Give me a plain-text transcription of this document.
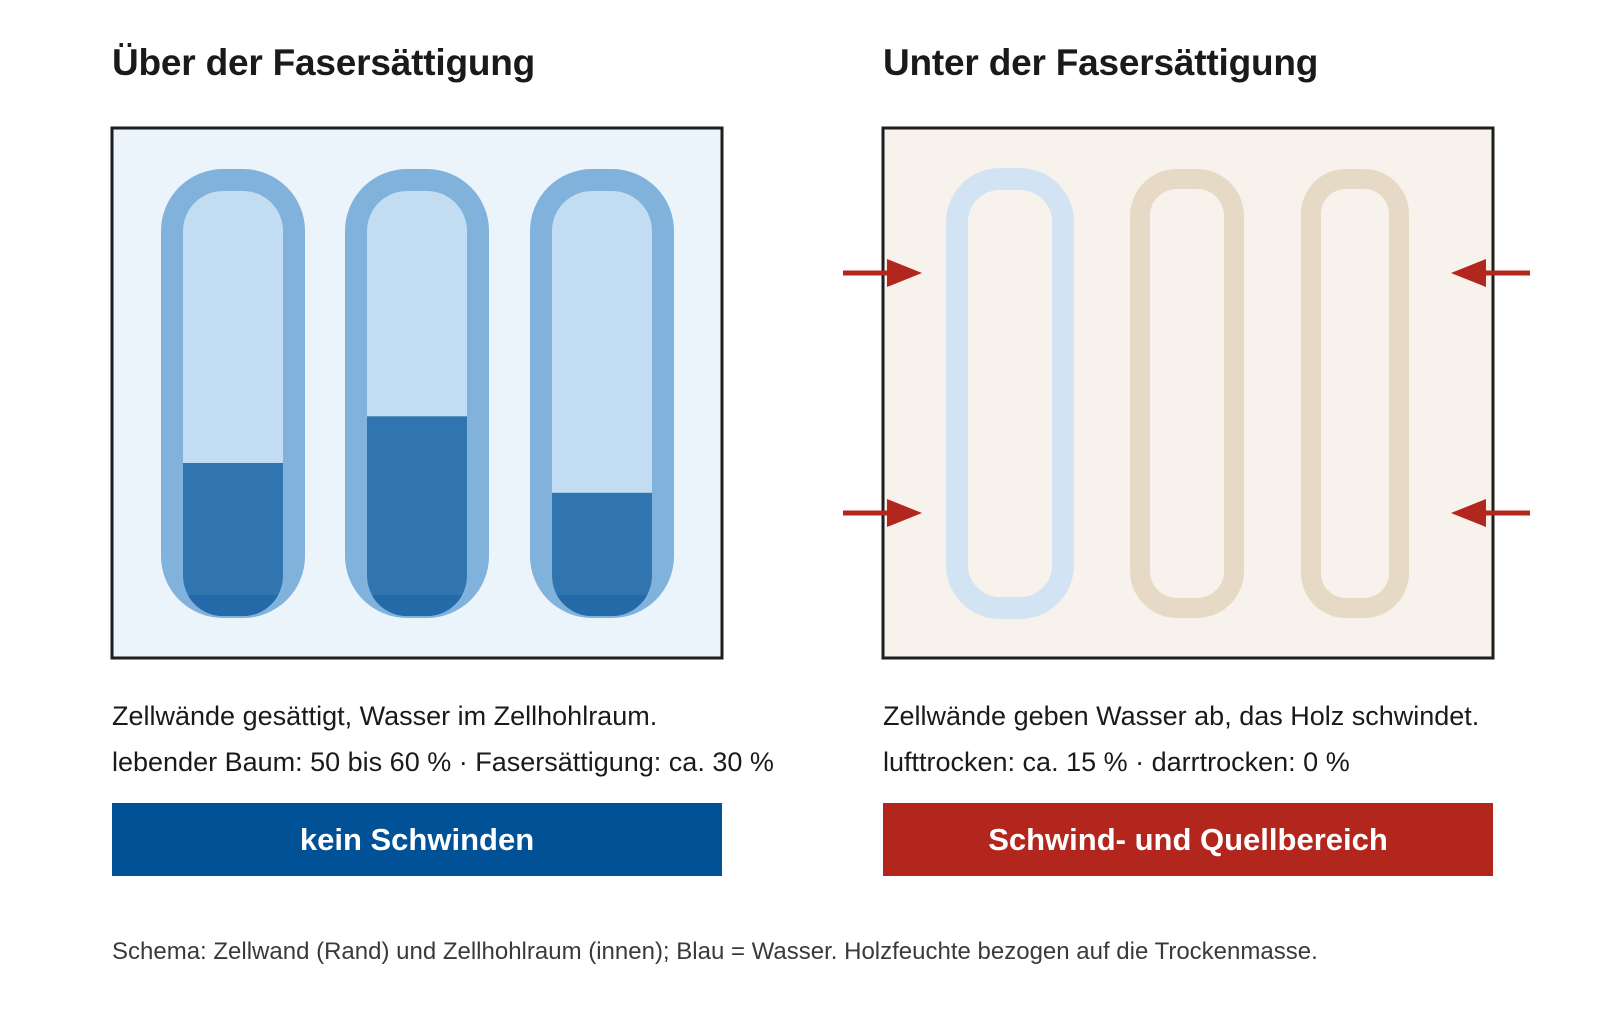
Über der Fasersättigung	Unter der Fasersättigung

Zellwände gesättigt, Wasser im Zellhohlraum.

lebender Baum: 50 bis 60 % · Fasersättigung: ca. 30 %

Zellwände geben Wasser ab, das Holz schwindet.

lufttrocken: ca. 15 % · darrtrocken: 0 %

kein Schwinden	Schwind- und Quellbereich
Schema: Zellwand (Rand) und Zellhohlraum (innen); Blau = Wasser. Holzfeuchte bezogen auf die Trockenmasse.
